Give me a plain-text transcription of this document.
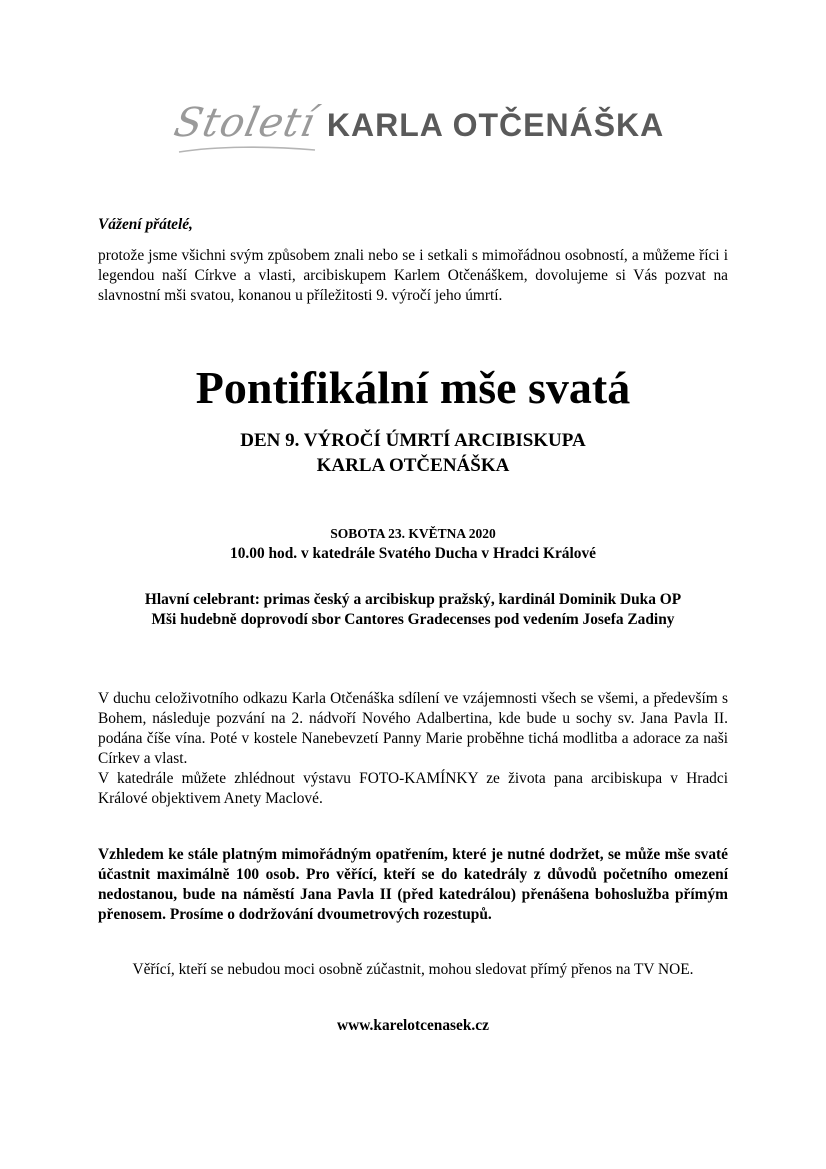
Století KARLA OTČENÁŠKA
Vážení přátelé,
protože jsme všichni svým způsobem znali nebo se i setkali s mimořádnou osobností, a můžeme říci i legendou naší Církve a vlasti, arcibiskupem Karlem Otčenáškem, dovolujeme si Vás pozvat na slavnostní mši svatou, konanou u příležitosti 9. výročí jeho úmrtí.
Pontifikální mše svatá
DEN 9. VÝROČÍ ÚMRTÍ ARCIBISKUPA
KARLA OTČENÁŠKA
SOBOTA 23. KVĚTNA 2020
10.00 hod. v katedrále Svatého Ducha v Hradci Králové
Hlavní celebrant: primas český a arcibiskup pražský, kardinál Dominik Duka OP
Mši hudebně doprovodí sbor Cantores Gradecenses pod vedením Josefa Zadiny
V duchu celoživotního odkazu Karla Otčenáška sdílení ve vzájemnosti všech se všemi, a především s Bohem, následuje pozvání na 2. nádvoří Nového Adalbertina, kde bude u sochy sv. Jana Pavla II. podána číše vína. Poté v kostele Nanebevzetí Panny Marie proběhne tichá modlitba a adorace za naši Církev a vlast.
V katedrále můžete zhlédnout výstavu FOTO-KAMÍNKY ze života pana arcibiskupa v Hradci Králové objektivem Anety Maclové.
Vzhledem ke stále platným mimořádným opatřením, které je nutné dodržet, se může mše svaté účastnit maximálně 100 osob. Pro věřící, kteří se do katedrály z důvodů početního omezení nedostanou, bude na náměstí Jana Pavla II (před katedrálou) přenášena bohoslužba přímým přenosem. Prosíme o dodržování dvoumetrových rozestupů.
Věřící, kteří se nebudou moci osobně zúčastnit, mohou sledovat přímý přenos na TV NOE.
www.karelotcenasek.cz
